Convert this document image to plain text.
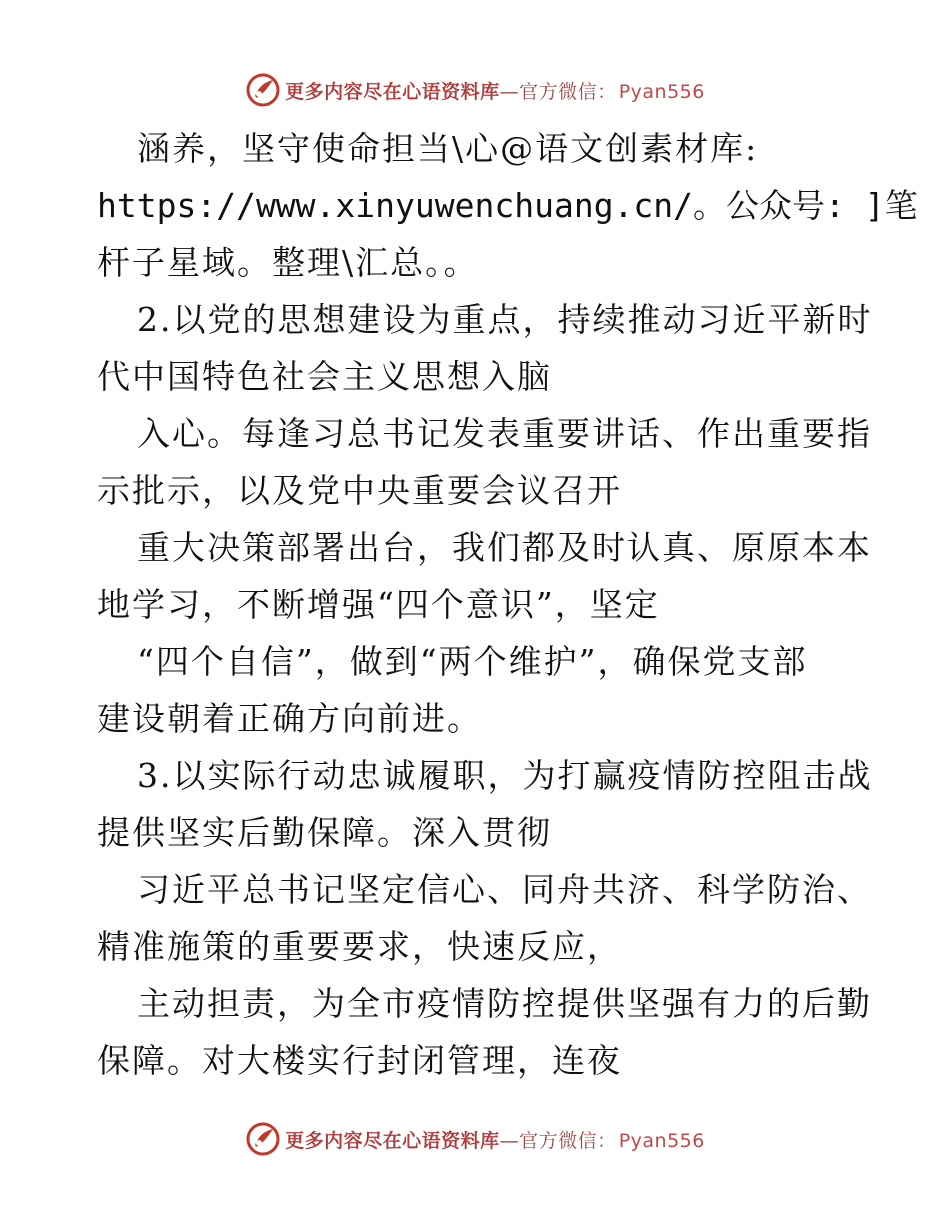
更多内容尽在心语资料库—官方微信： Pyan556
涵养，坚守使命担当\心@语文创素材库:
https://www.xinyuwenchuang.cn/。公众号: ]笔
杆子星域。整理\汇总。。
2.以党的思想建设为重点，持续推动习近平新时
代中国特色社会主义思想入脑
入心。每逢习总书记发表重要讲话、作出重要指
示批示，以及党中央重要会议召开
重大决策部署出台，我们都及时认真、原原本本
地学习，不断增强“四个意识”，坚定
“四个自信”，做到“两个维护”，确保党支部
建设朝着正确方向前进。
3.以实际行动忠诚履职，为打赢疫情防控阻击战
提供坚实后勤保障。深入贯彻
习近平总书记坚定信心、同舟共济、科学防治、
精准施策的重要要求，快速反应，
主动担责，为全市疫情防控提供坚强有力的后勤
保障。对大楼实行封闭管理，连夜
更多内容尽在心语资料库—官方微信： Pyan556
